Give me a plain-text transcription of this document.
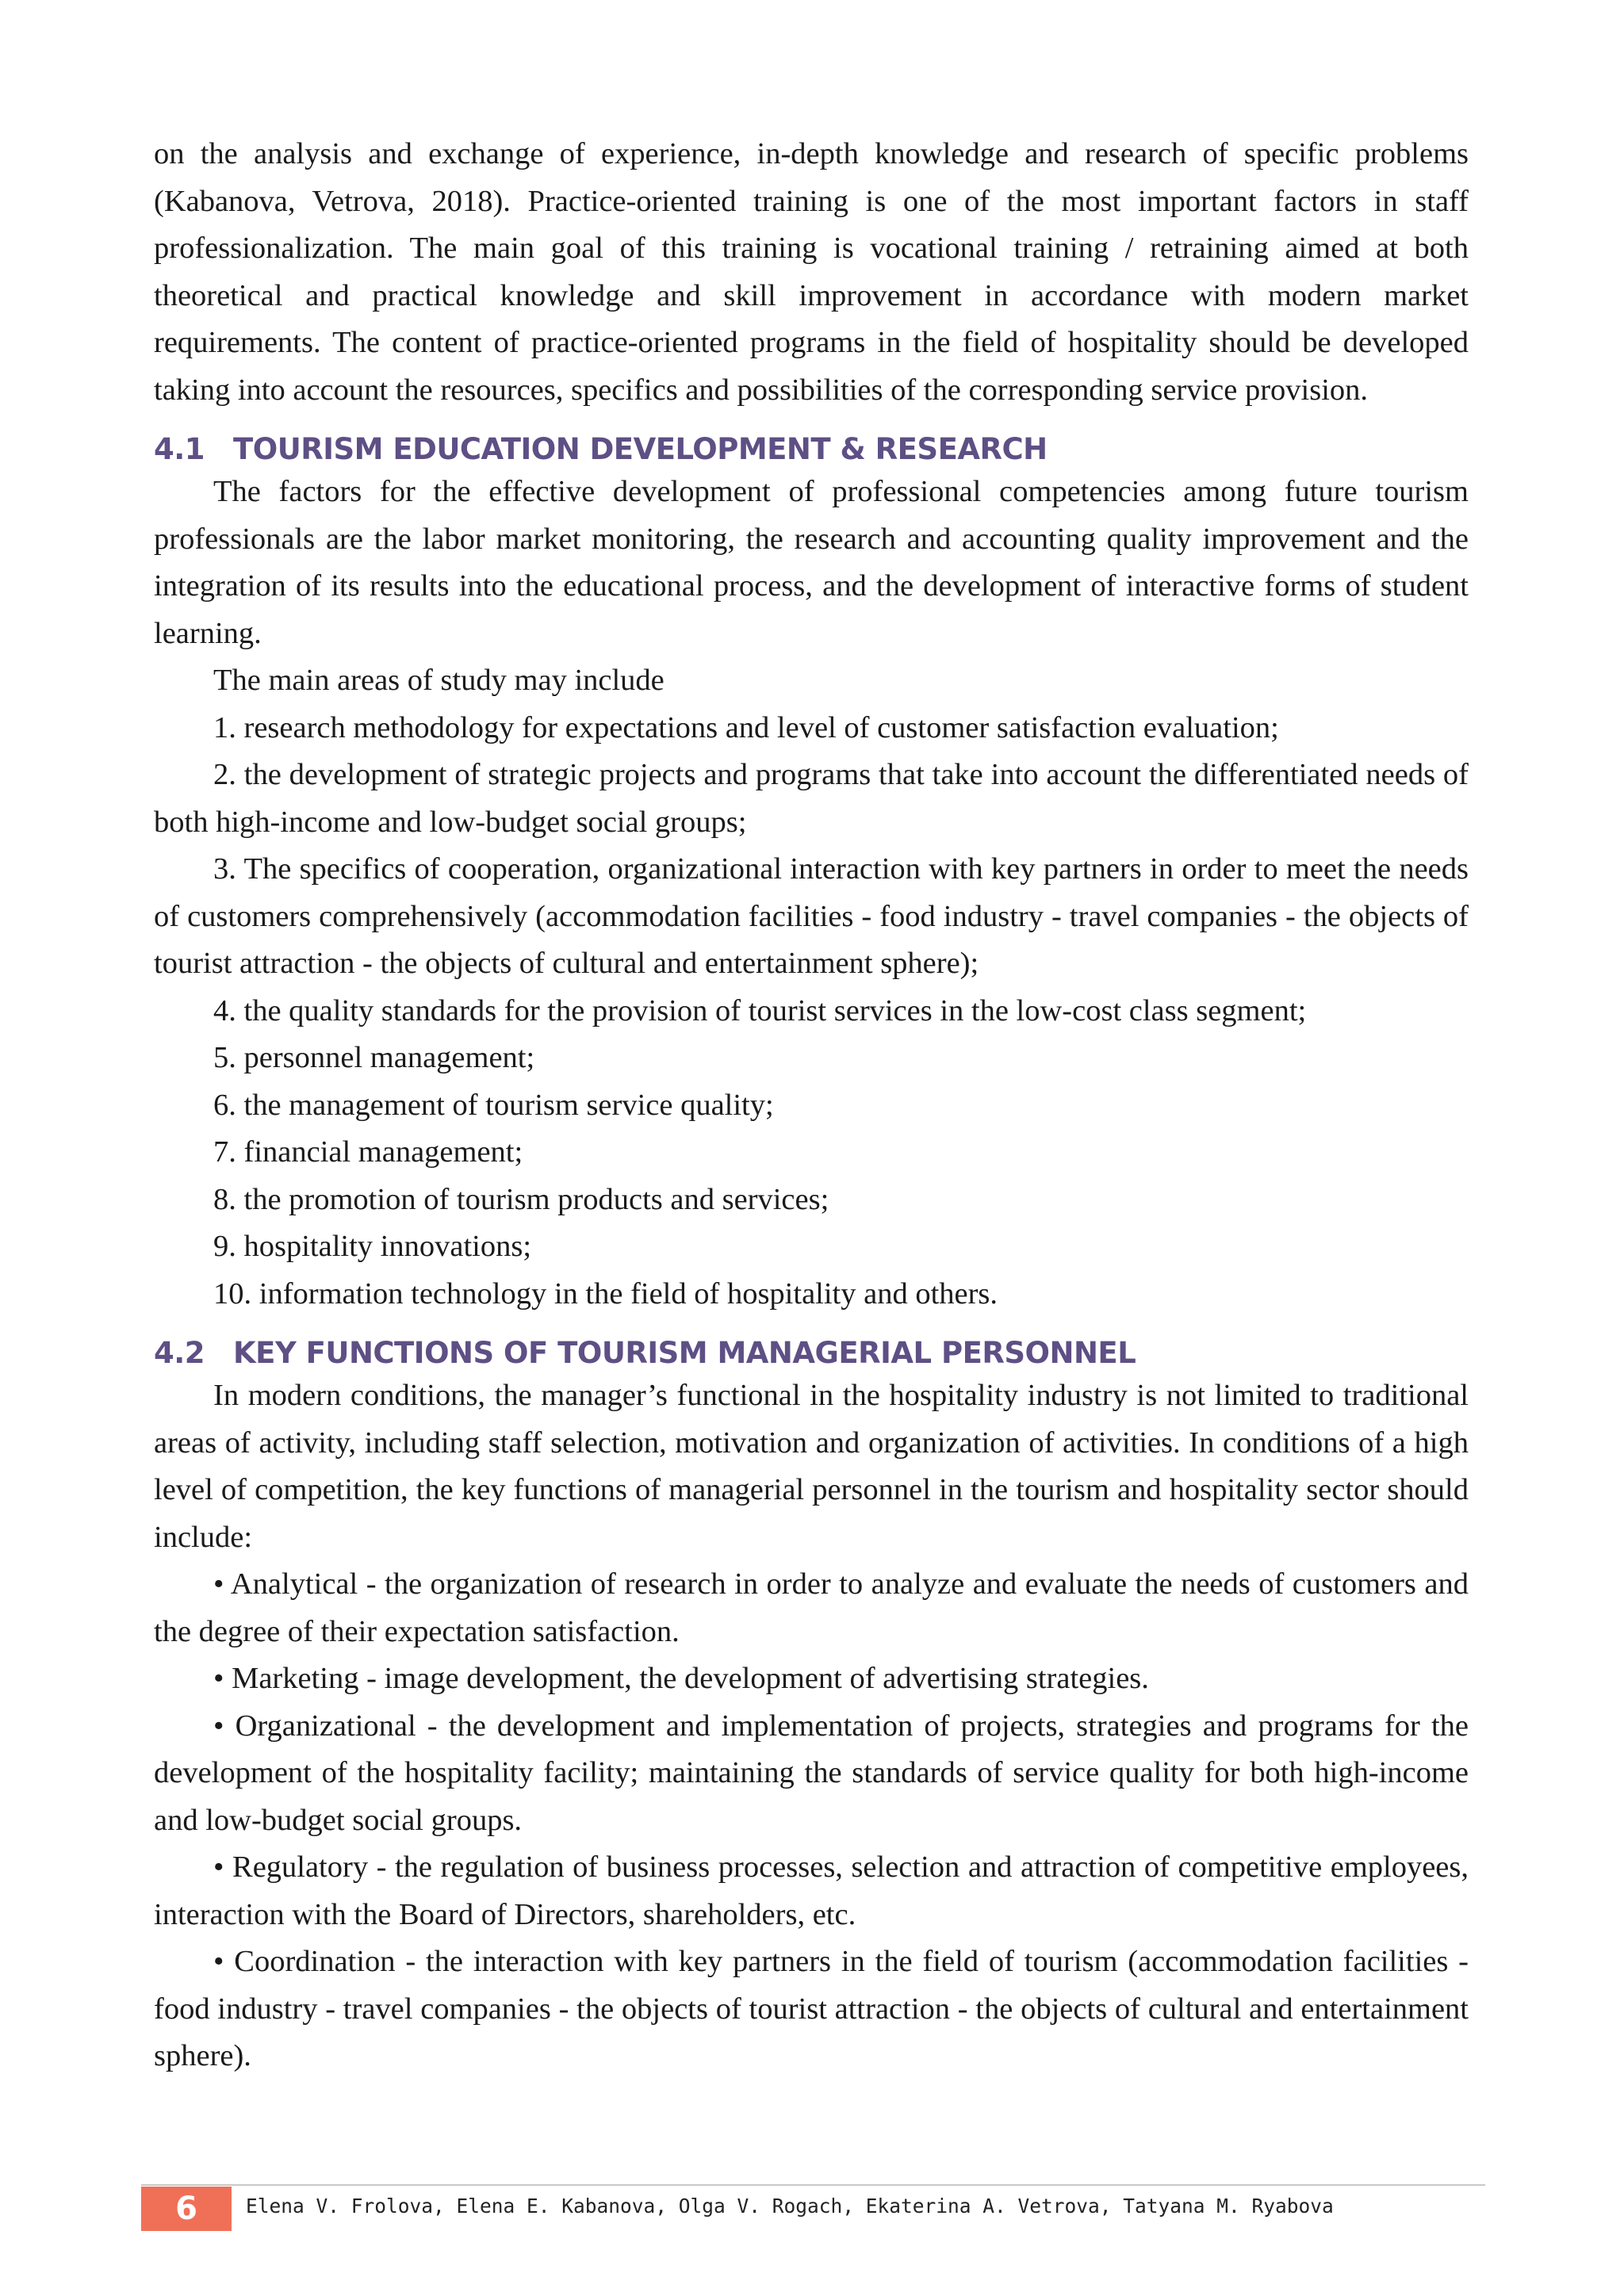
on the analysis and exchange of experience, in-depth knowledge and research of specific problems (Kabanova, Vetrova, 2018). Practice-oriented training is one of the most important factors in staff professionalization. The main goal of this training is vocational training / retraining aimed at both theoretical and practical knowledge and skill improvement in accordance with modern market requirements. The content of practice-oriented programs in the field of hospitality should be developed taking into account the resources, specifics and possibilities of the corresponding service provision.

4.1 TOURISM EDUCATION DEVELOPMENT & RESEARCH

The factors for the effective development of professional competencies among future tourism professionals are the labor market monitoring, the research and accounting quality improvement and the integration of its results into the educational process, and the development of interactive forms of student learning.

The main areas of study may include

1. research methodology for expectations and level of customer satisfaction evaluation;

2. the development of strategic projects and programs that take into account the differentiated needs of both high-income and low-budget social groups;

3. The specifics of cooperation, organizational interaction with key partners in order to meet the needs of customers comprehensively (accommodation facilities - food industry - travel companies - the objects of tourist attraction - the objects of cultural and entertainment sphere);

4. the quality standards for the provision of tourist services in the low-cost class segment;

5. personnel management;

6. the management of tourism service quality;

7. financial management;

8. the promotion of tourism products and services;

9. hospitality innovations;

10. information technology in the field of hospitality and others.

4.2 KEY FUNCTIONS OF TOURISM MANAGERIAL PERSONNEL

In modern conditions, the manager’s functional in the hospitality industry is not limited to traditional areas of activity, including staff selection, motivation and organization of activities. In conditions of a high level of competition, the key functions of managerial personnel in the tourism and hospitality sector should include:

• Analytical - the organization of research in order to analyze and evaluate the needs of customers and the degree of their expectation satisfaction.

• Marketing - image development, the development of advertising strategies.

• Organizational - the development and implementation of projects, strategies and programs for the development of the hospitality facility; maintaining the standards of service quality for both high-income and low-budget social groups.

• Regulatory - the regulation of business processes, selection and attraction of competitive employees, interaction with the Board of Directors, shareholders, etc.

• Coordination - the interaction with key partners in the field of tourism (accommodation facilities - food industry - travel companies - the objects of tourist attraction - the objects of cultural and entertainment sphere).

6	Elena V. Frolova, Elena E. Kabanova, Olga V. Rogach, Ekaterina A. Vetrova, Tatyana M. Ryabova
